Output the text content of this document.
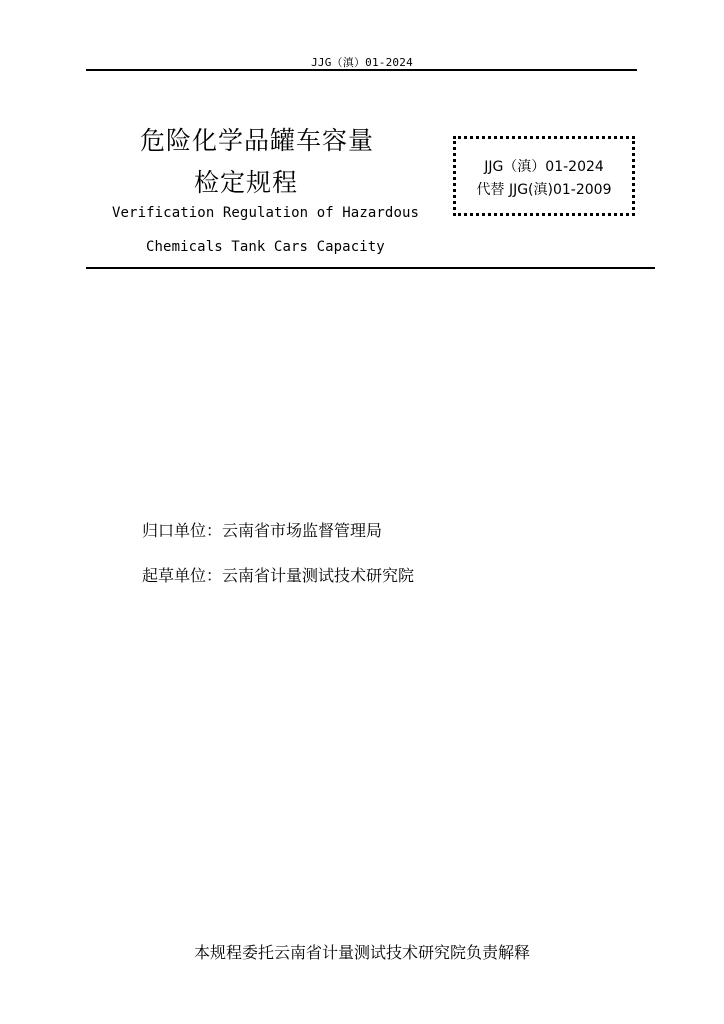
JJG（滇）01-2024
危险化学品罐车容量
检定规程
Verification Regulation of Hazardous
Chemicals Tank Cars Capacity
JJG（滇）01-2024
代替 JJG(滇)01-2009
归口单位：云南省市场监督管理局
起草单位：云南省计量测试技术研究院
本规程委托云南省计量测试技术研究院负责解释
